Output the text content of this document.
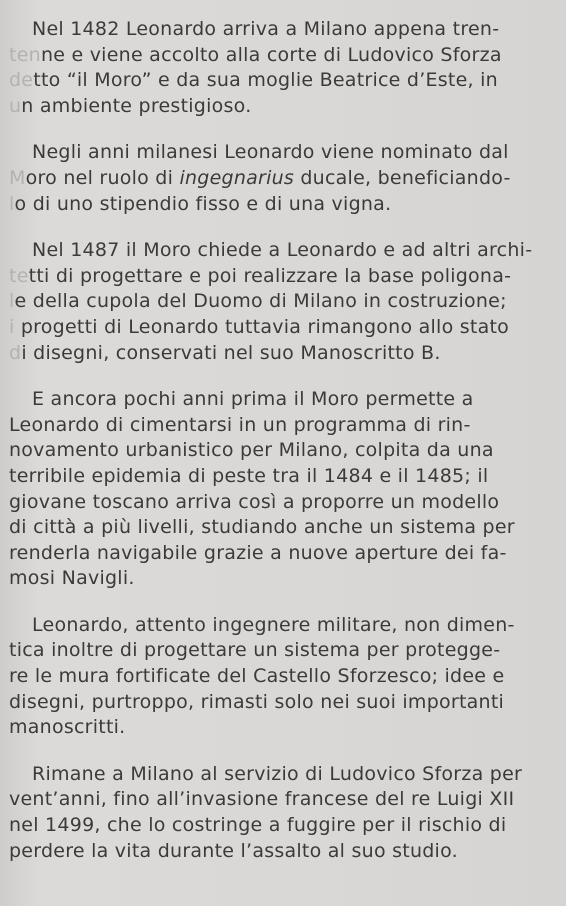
Nel 1482 Leonardo arriva a Milano appena tren-
tenne e viene accolto alla corte di Ludovico Sforza
detto “il Moro” e da sua moglie Beatrice d’Este, in
un ambiente prestigioso.

Negli anni milanesi Leonardo viene nominato dal
Moro nel ruolo di ingegnarius ducale, beneficiando-
lo di uno stipendio fisso e di una vigna.

Nel 1487 il Moro chiede a Leonardo e ad altri archi-
tetti di progettare e poi realizzare la base poligona-
le della cupola del Duomo di Milano in costruzione;
i progetti di Leonardo tuttavia rimangono allo stato
di disegni, conservati nel suo Manoscritto B.

E ancora pochi anni prima il Moro permette a
Leonardo di cimentarsi in un programma di rin-
novamento urbanistico per Milano, colpita da una
terribile epidemia di peste tra il 1484 e il 1485; il
giovane toscano arriva così a proporre un modello
di città a più livelli, studiando anche un sistema per
renderla navigabile grazie a nuove aperture dei fa-
mosi Navigli.

Leonardo, attento ingegnere militare, non dimen-
tica inoltre di progettare un sistema per protegge-
re le mura fortificate del Castello Sforzesco; idee e
disegni, purtroppo, rimasti solo nei suoi importanti
manoscritti.

Rimane a Milano al servizio di Ludovico Sforza per
vent’anni, fino all’invasione francese del re Luigi XII
nel 1499, che lo costringe a fuggire per il rischio di
perdere la vita durante l’assalto al suo studio.
